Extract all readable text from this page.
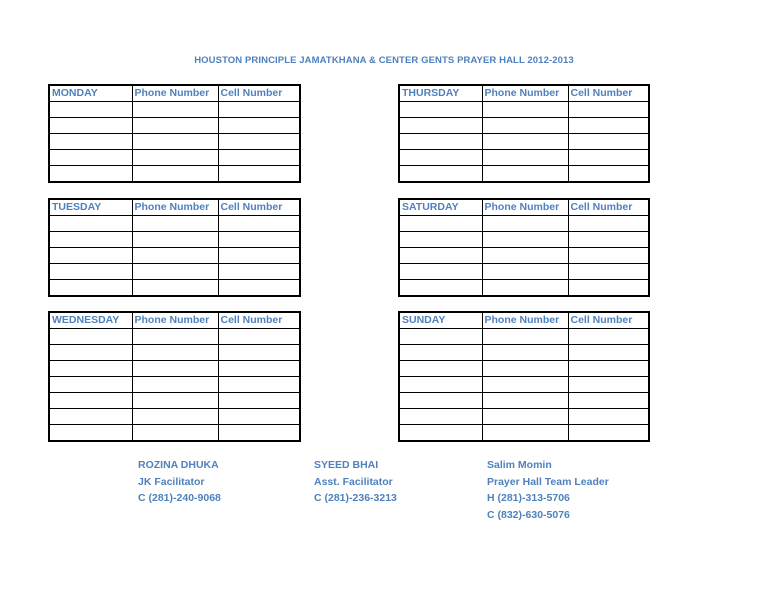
HOUSTON PRINCIPLE JAMATKHANA & CENTER GENTS PRAYER HALL 2012-2013
MONDAY	Phone Number	Cell Number

			THURSDAY	Phone Number	Cell Number

TUESDAY	Phone Number	Cell Number

			SATURDAY	Phone Number	Cell Number

WEDNESDAY	Phone Number	Cell Number

			SUNDAY	Phone Number	Cell Number

ROZINA DHUKA
JK Facilitator
C (281)-240-9068
SYEED BHAI
Asst. Facilitator
C (281)-236-3213
Salim Momin
Prayer Hall Team Leader
H (281)-313-5706
C (832)-630-5076
